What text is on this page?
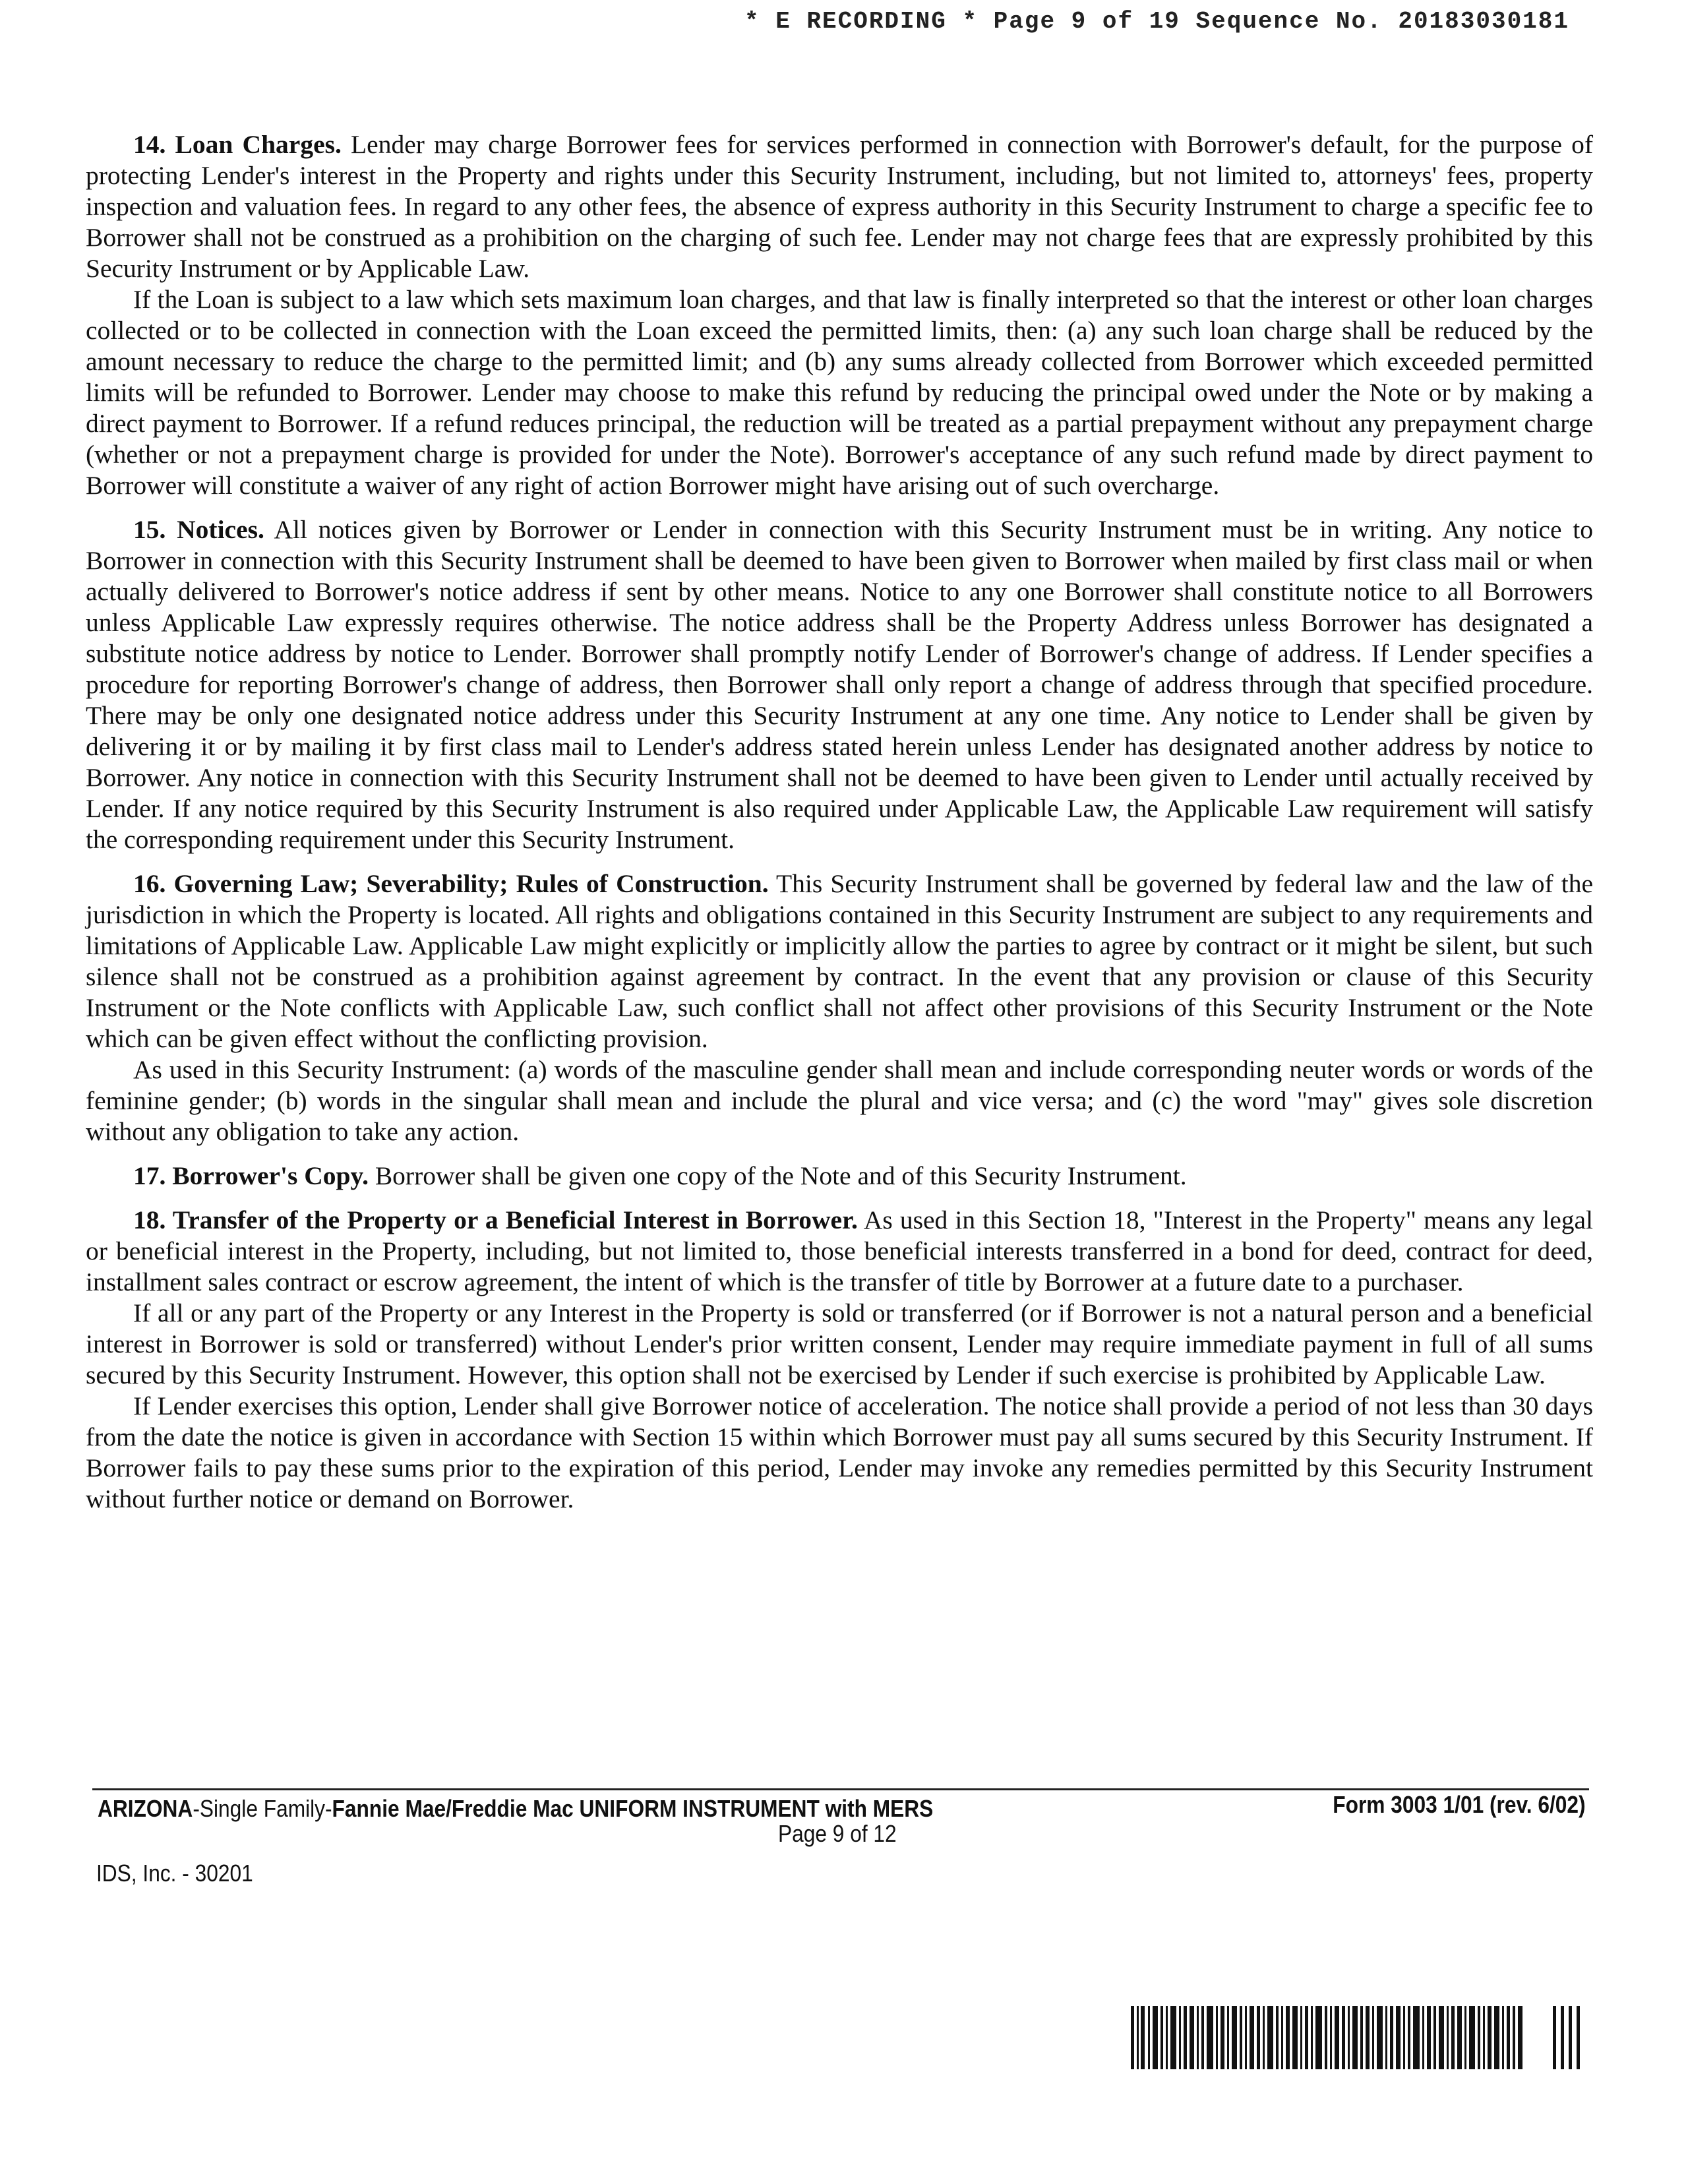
* E RECORDING * Page 9 of 19 Sequence No. 20183030181

14. Loan Charges. Lender may charge Borrower fees for services performed in connection with Borrower's default, for the purpose of protecting Lender's interest in the Property and rights under this Security Instrument, including, but not limited to, attorneys' fees, property inspection and valuation fees. In regard to any other fees, the absence of express authority in this Security Instrument to charge a specific fee to Borrower shall not be construed as a prohibition on the charging of such fee. Lender may not charge fees that are expressly prohibited by this Security Instrument or by Applicable Law.

If the Loan is subject to a law which sets maximum loan charges, and that law is finally interpreted so that the interest or other loan charges collected or to be collected in connection with the Loan exceed the permitted limits, then: (a) any such loan charge shall be reduced by the amount necessary to reduce the charge to the permitted limit; and (b) any sums already collected from Borrower which exceeded permitted limits will be refunded to Borrower. Lender may choose to make this refund by reducing the principal owed under the Note or by making a direct payment to Borrower. If a refund reduces principal, the reduction will be treated as a partial prepayment without any prepayment charge (whether or not a prepayment charge is provided for under the Note). Borrower's acceptance of any such refund made by direct payment to Borrower will constitute a waiver of any right of action Borrower might have arising out of such overcharge.

15. Notices. All notices given by Borrower or Lender in connection with this Security Instrument must be in writing. Any notice to Borrower in connection with this Security Instrument shall be deemed to have been given to Borrower when mailed by first class mail or when actually delivered to Borrower's notice address if sent by other means. Notice to any one Borrower shall constitute notice to all Borrowers unless Applicable Law expressly requires otherwise. The notice address shall be the Property Address unless Borrower has designated a substitute notice address by notice to Lender. Borrower shall promptly notify Lender of Borrower's change of address. If Lender specifies a procedure for reporting Borrower's change of address, then Borrower shall only report a change of address through that specified procedure. There may be only one designated notice address under this Security Instrument at any one time. Any notice to Lender shall be given by delivering it or by mailing it by first class mail to Lender's address stated herein unless Lender has designated another address by notice to Borrower. Any notice in connection with this Security Instrument shall not be deemed to have been given to Lender until actually received by Lender. If any notice required by this Security Instrument is also required under Applicable Law, the Applicable Law requirement will satisfy the corresponding requirement under this Security Instrument.

16. Governing Law; Severability; Rules of Construction. This Security Instrument shall be governed by federal law and the law of the jurisdiction in which the Property is located. All rights and obligations contained in this Security Instrument are subject to any requirements and limitations of Applicable Law. Applicable Law might explicitly or implicitly allow the parties to agree by contract or it might be silent, but such silence shall not be construed as a prohibition against agreement by contract. In the event that any provision or clause of this Security Instrument or the Note conflicts with Applicable Law, such conflict shall not affect other provisions of this Security Instrument or the Note which can be given effect without the conflicting provision.

As used in this Security Instrument: (a) words of the masculine gender shall mean and include corresponding neuter words or words of the feminine gender; (b) words in the singular shall mean and include the plural and vice versa; and (c) the word "may" gives sole discretion without any obligation to take any action.

17. Borrower's Copy. Borrower shall be given one copy of the Note and of this Security Instrument.

18. Transfer of the Property or a Beneficial Interest in Borrower. As used in this Section 18, "Interest in the Property" means any legal or beneficial interest in the Property, including, but not limited to, those beneficial interests transferred in a bond for deed, contract for deed, installment sales contract or escrow agreement, the intent of which is the transfer of title by Borrower at a future date to a purchaser.

If all or any part of the Property or any Interest in the Property is sold or transferred (or if Borrower is not a natural person and a beneficial interest in Borrower is sold or transferred) without Lender's prior written consent, Lender may require immediate payment in full of all sums secured by this Security Instrument. However, this option shall not be exercised by Lender if such exercise is prohibited by Applicable Law.

If Lender exercises this option, Lender shall give Borrower notice of acceleration. The notice shall provide a period of not less than 30 days from the date the notice is given in accordance with Section 15 within which Borrower must pay all sums secured by this Security Instrument. If Borrower fails to pay these sums prior to the expiration of this period, Lender may invoke any remedies permitted by this Security Instrument without further notice or demand on Borrower.

ARIZONA-Single Family-Fannie Mae/Freddie Mac UNIFORM INSTRUMENT with MERS	Form 3003 1/01 (rev. 6/02)
Page 9 of 12
IDS, Inc. - 30201
